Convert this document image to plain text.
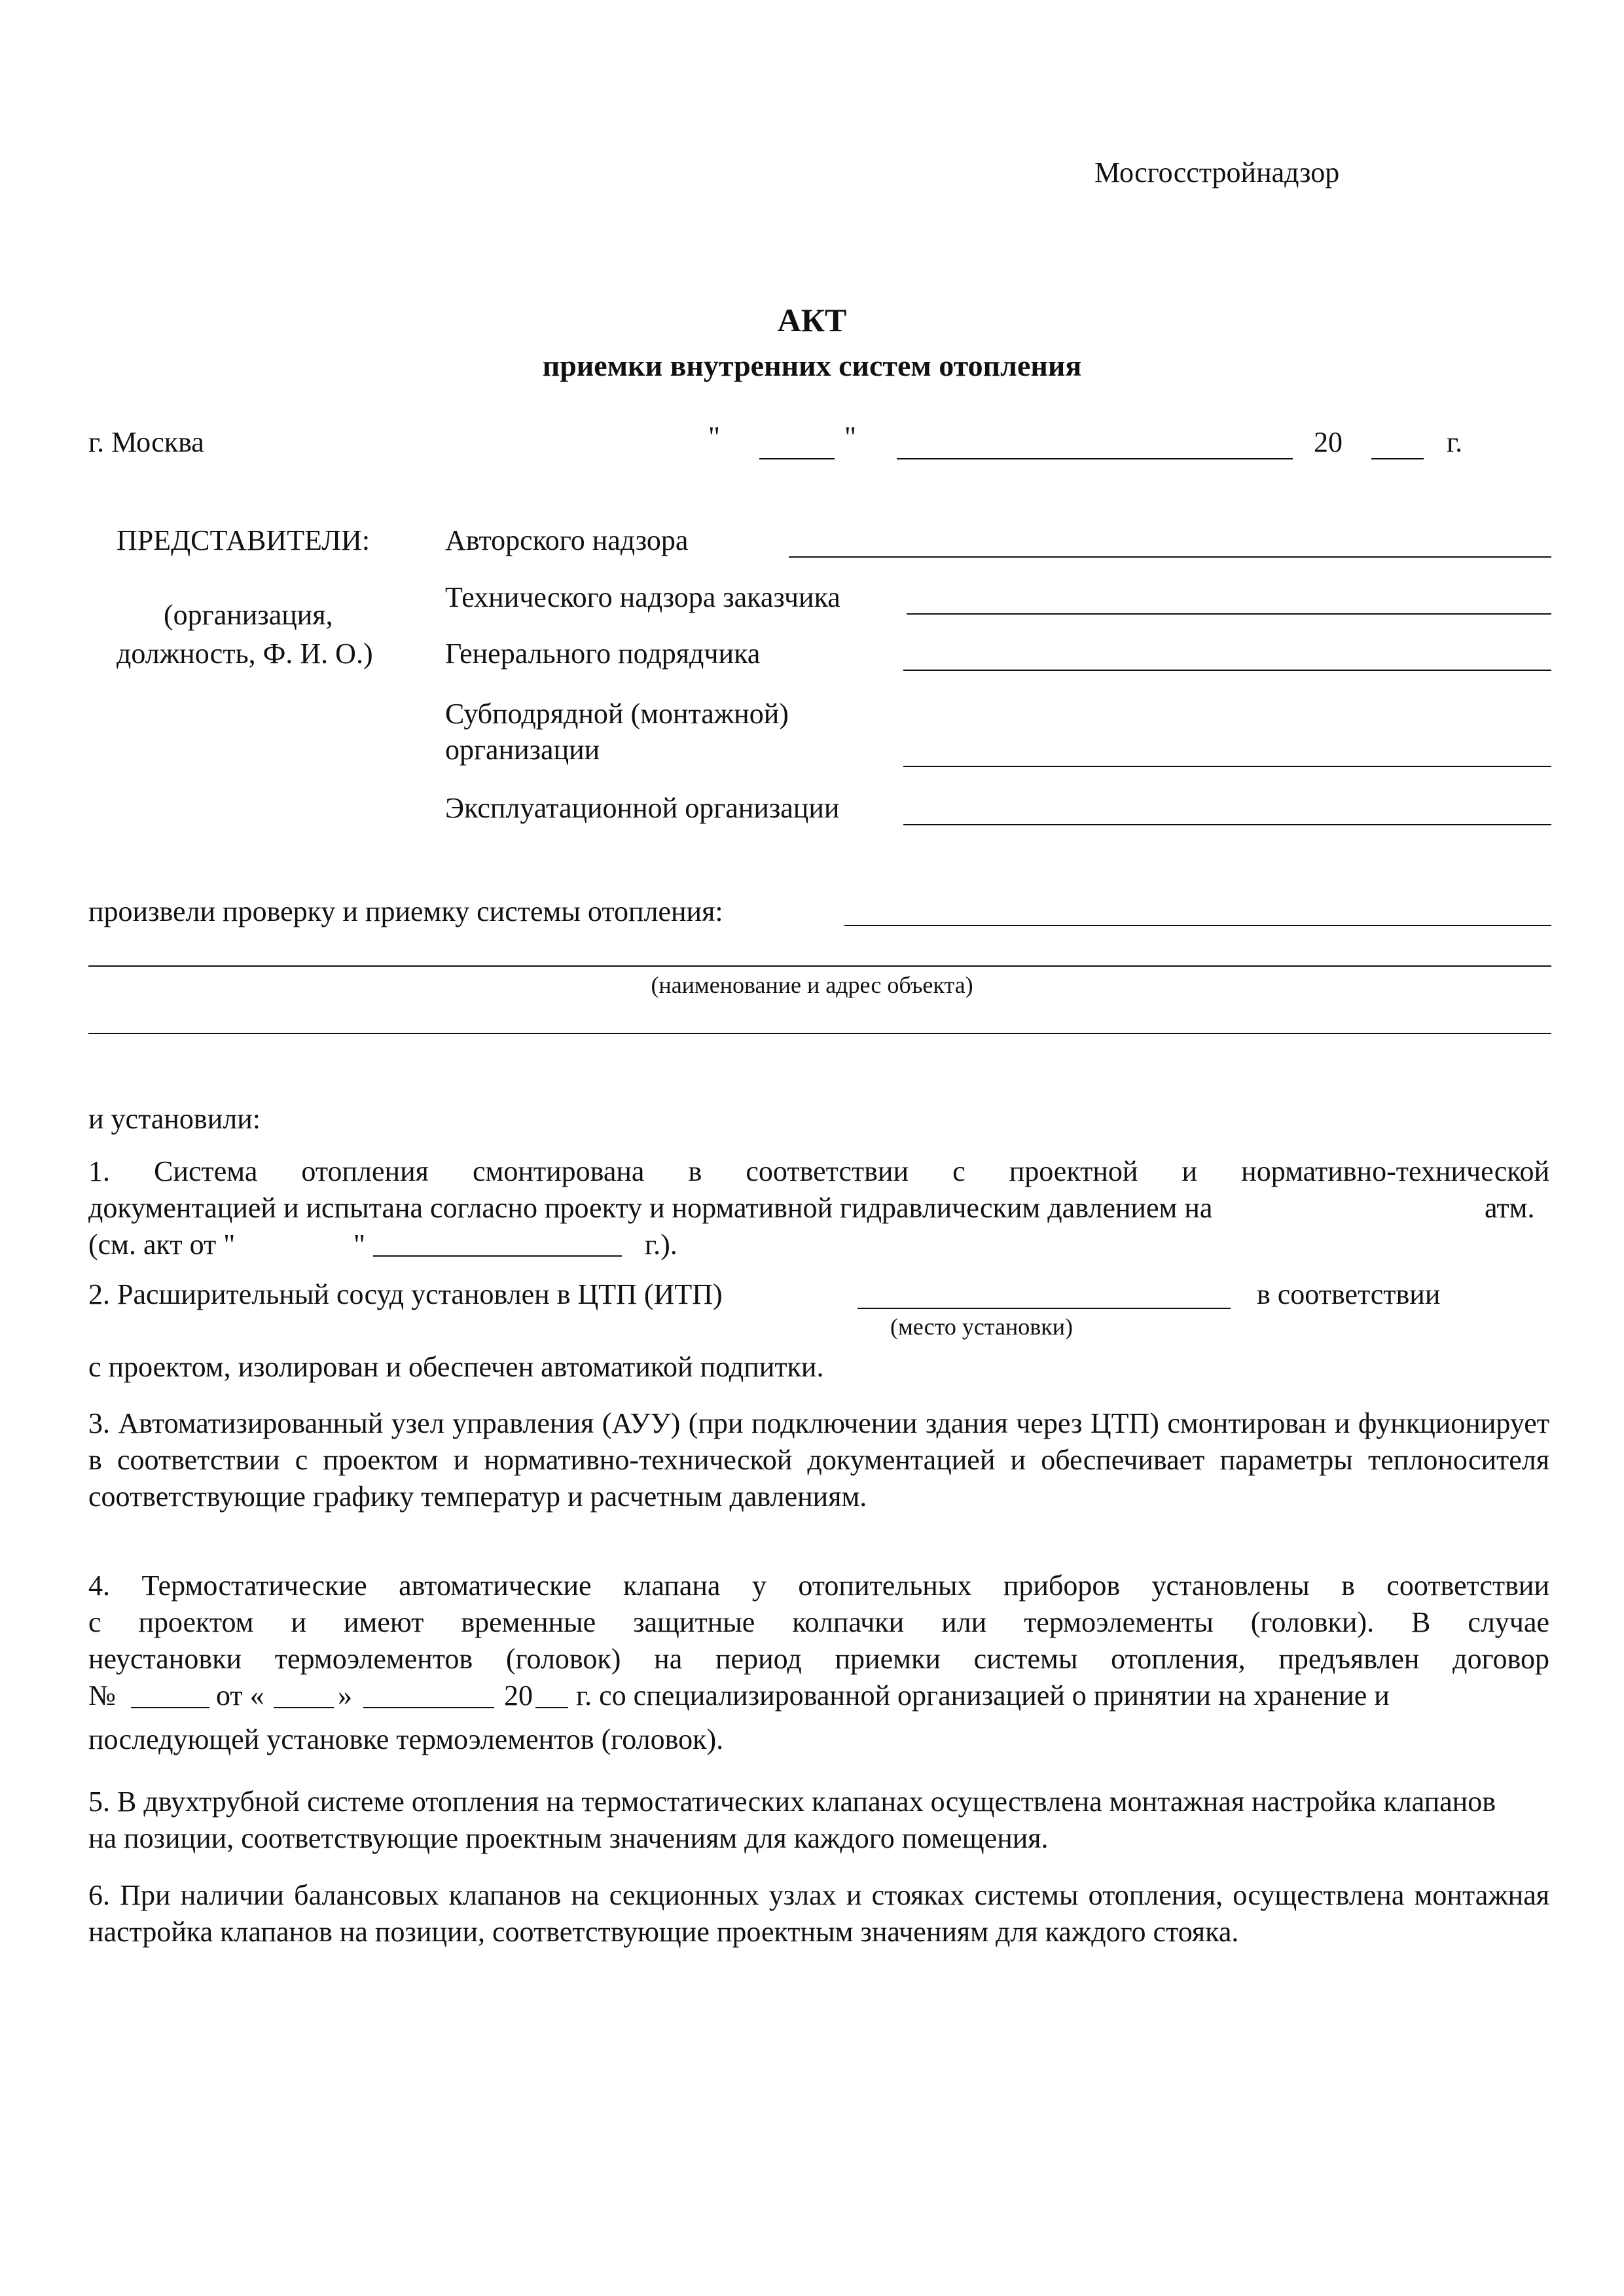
Мосгосстройнадзор
АКТ
приемки внутренних систем отопления
г. Москва	"	"	20	г.
ПРЕДСТАВИТЕЛИ:
(организация,
должность, Ф. И. О.)
Авторского надзора
Технического надзора заказчика
Генерального подрядчика
Субподрядной (монтажной)
организации
Эксплуатационной организации
произвели проверку и приемку системы отопления:
(наименование и адрес объекта)
и установили:
1. Система отопления смонтирована в соответствии с проектной и нормативно-технической
документацией и испытана согласно проекту и нормативной гидравлическим давлением на	атм.
(см. акт от "	"	г.).
2. Расширительный сосуд установлен в ЦТП (ИТП)	в соответствии
(место установки)
с проектом, изолирован и обеспечен автоматикой подпитки.
3. Автоматизированный узел управления (АУУ) (при подключении здания через ЦТП) смонтирован и функционирует в соответствии с проектом и нормативно-технической документацией и обеспечивает параметры теплоносителя соответствующие графику температур и расчетным давлениям.
4. Термостатические автоматические клапана у отопительных приборов установлены в соответствии
с проектом и имеют временные защитные колпачки или термоэлементы (головки). В случае
неустановки термоэлементов (головок) на период приемки системы отопления, предъявлен договор
№	от «	»	20 г. со специализированной организацией о принятии на хранение и
последующей установке термоэлементов (головок).
5. В двухтрубной системе отопления на термостатических клапанах осуществлена монтажная настройка клапанов на позиции, соответствующие проектным значениям для каждого помещения.
6. При наличии балансовых клапанов на секционных узлах и стояках системы отопления, осуществлена монтажная настройка клапанов на позиции, соответствующие проектным значениям для каждого стояка.
